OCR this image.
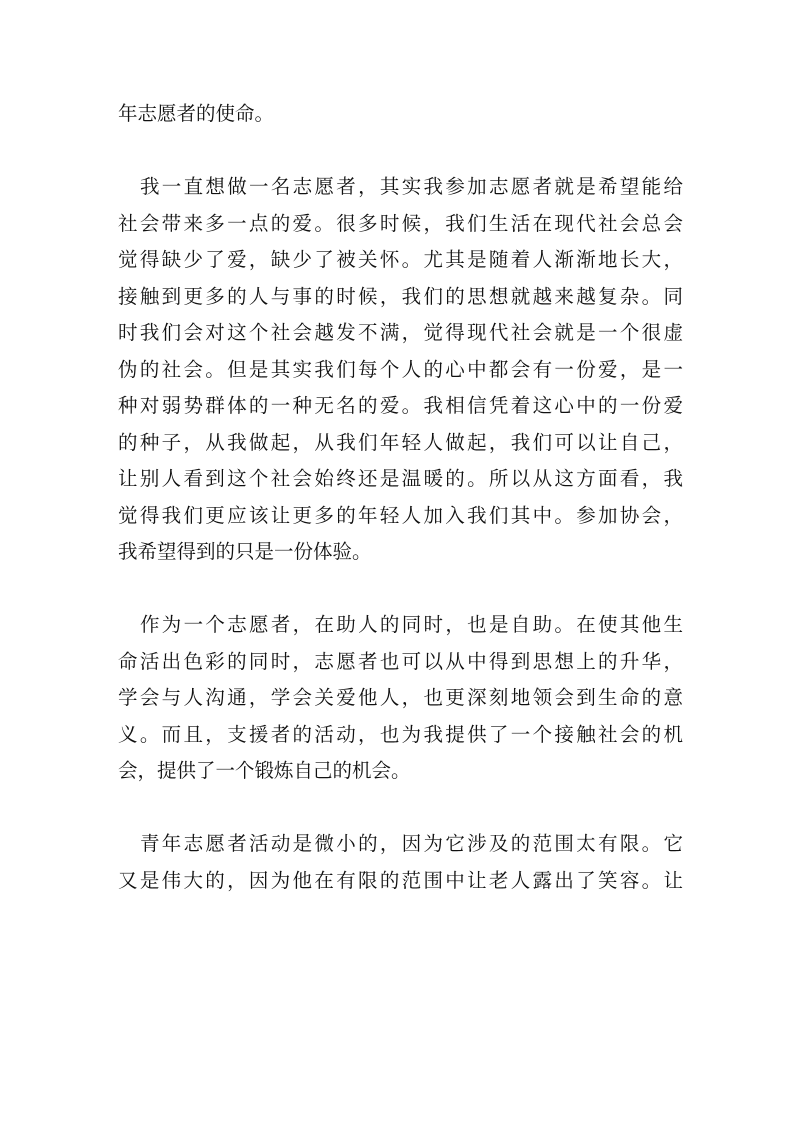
年志愿者的使命。
我一直想做一名志愿者，其实我参加志愿者就是希望能给
社会带来多一点的爱。很多时候，我们生活在现代社会总会
觉得缺少了爱，缺少了被关怀。尤其是随着人渐渐地长大，
接触到更多的人与事的时候，我们的思想就越来越复杂。同
时我们会对这个社会越发不满，觉得现代社会就是一个很虚
伪的社会。但是其实我们每个人的心中都会有一份爱，是一
种对弱势群体的一种无名的爱。我相信凭着这心中的一份爱
的种子，从我做起，从我们年轻人做起，我们可以让自己，
让别人看到这个社会始终还是温暖的。所以从这方面看，我
觉得我们更应该让更多的年轻人加入我们其中。参加协会，
我希望得到的只是一份体验。
作为一个志愿者，在助人的同时，也是自助。在使其他生
命活出色彩的同时，志愿者也可以从中得到思想上的升华，
学会与人沟通，学会关爱他人，也更深刻地领会到生命的意
义。而且，支援者的活动，也为我提供了一个接触社会的机
会，提供了一个锻炼自己的机会。
青年志愿者活动是微小的，因为它涉及的范围太有限。它
又是伟大的，因为他在有限的范围中让老人露出了笑容。让
